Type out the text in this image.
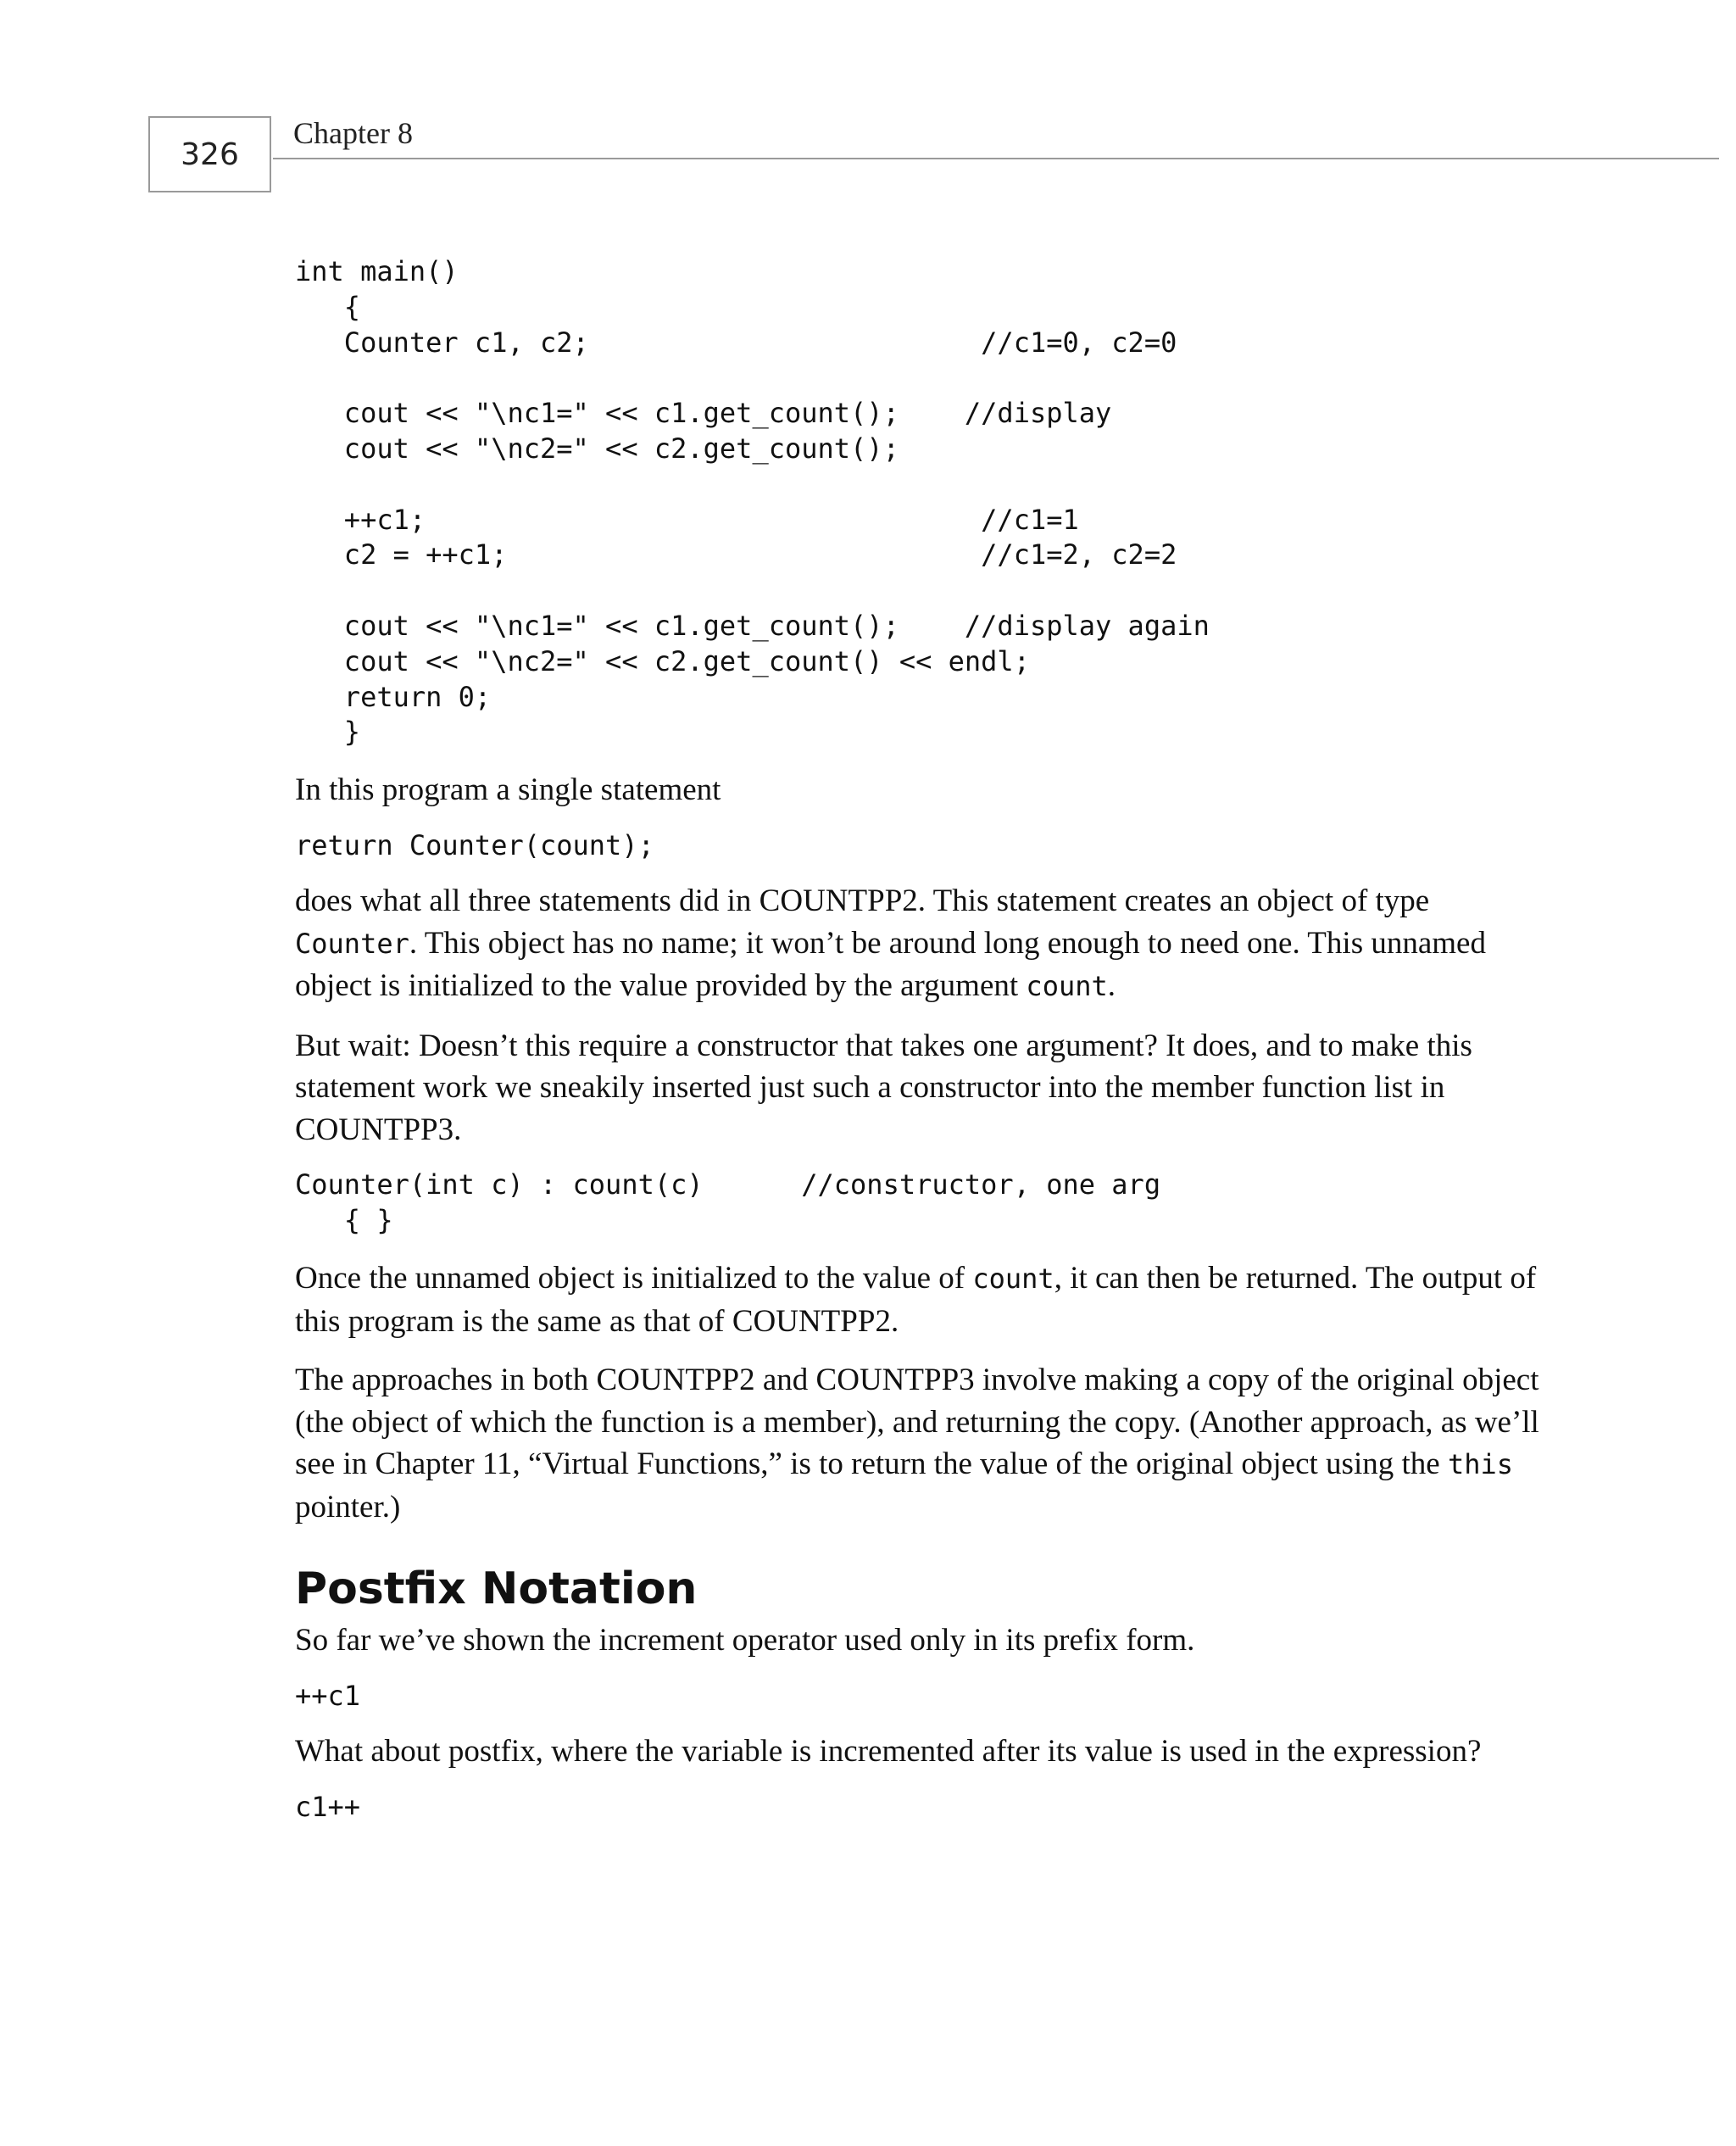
326
Chapter 8
int main()
{
Counter c1, c2;                        //c1=0, c2=0

cout << "\nc1=" << c1.get_count();    //display
cout << "\nc2=" << c2.get_count();

++c1;                                  //c1=1
c2 = ++c1;                             //c1=2, c2=2

cout << "\nc1=" << c1.get_count();    //display again
cout << "\nc2=" << c2.get_count() << endl;
return 0;
}

In this program a single statement

return Counter(count);

does what all three statements did in COUNTPP2. This statement creates an object of type Counter. This object has no name; it won’t be around long enough to need one. This unnamed object is initialized to the value provided by the argument count.

But wait: Doesn’t this require a constructor that takes one argument? It does, and to make this statement work we sneakily inserted just such a constructor into the member function list in COUNTPP3.

Counter(int c) : count(c)      //constructor, one arg
{ }

Once the unnamed object is initialized to the value of count, it can then be returned. The output of this program is the same as that of COUNTPP2.

The approaches in both COUNTPP2 and COUNTPP3 involve making a copy of the original object (the object of which the function is a member), and returning the copy. (Another approach, as we’ll see in Chapter 11, “Virtual Functions,” is to return the value of the original object using the this pointer.)

Postfix Notation

So far we’ve shown the increment operator used only in its prefix form.

++c1

What about postfix, where the variable is incremented after its value is used in the expression?

c1++
